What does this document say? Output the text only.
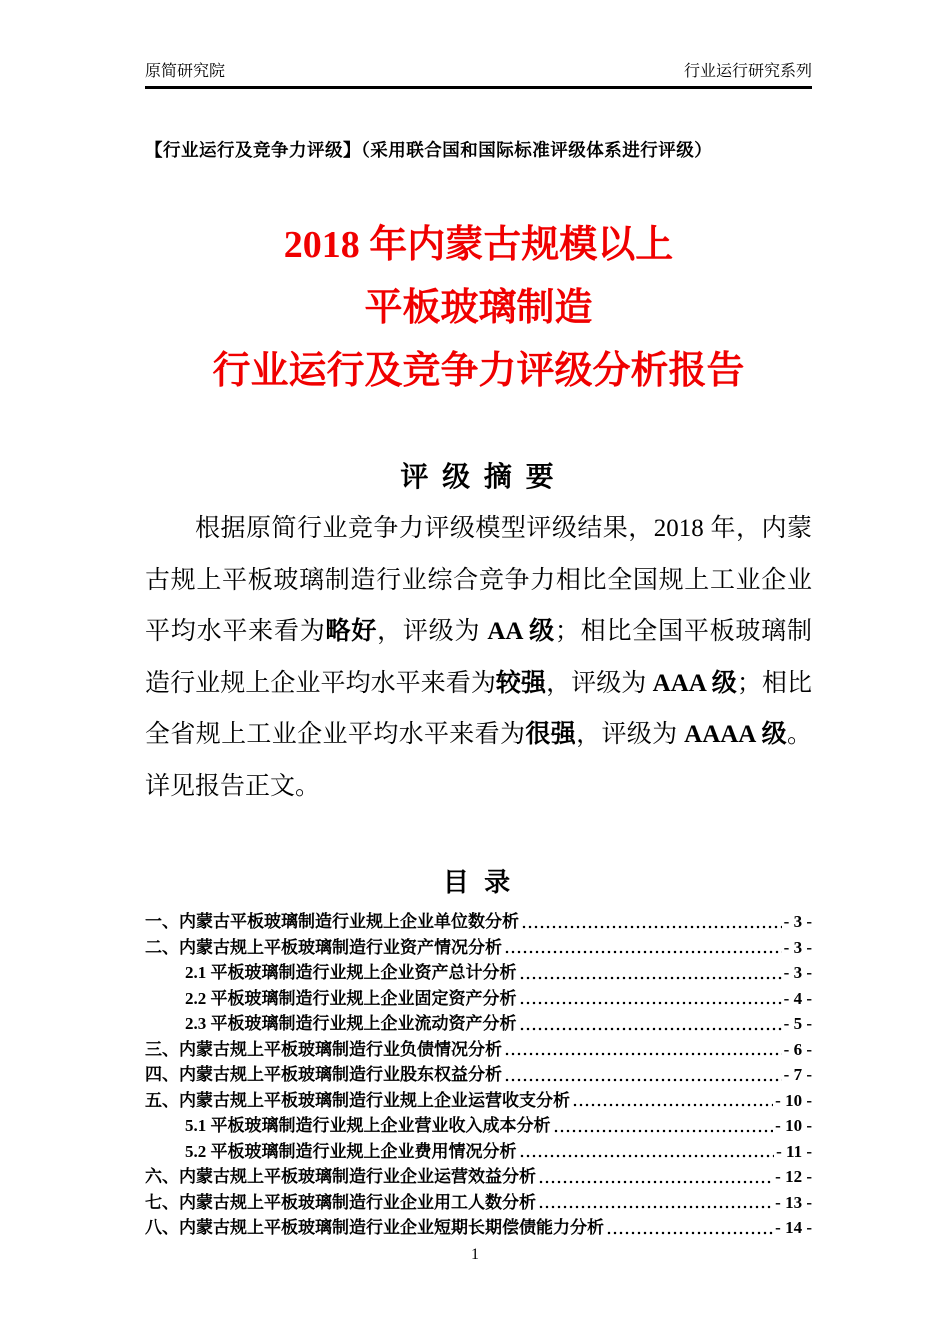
原简研究院	行业运行研究系列
【行业运行及竞争力评级】（采用联合国和国际标准评级体系进行评级）
2018 年内蒙古规模以上
平板玻璃制造
行业运行及竞争力评级分析报告
评 级 摘 要
根据原简行业竞争力评级模型评级结果，2018 年，内蒙古规上平板玻璃制造行业综合竞争力相比全国规上工业企业平均水平来看为略好，评级为 AA 级；相比全国平板玻璃制造行业规上企业平均水平来看为较强，评级为 AAA 级；相比全省规上工业企业平均水平来看为很强，评级为 AAAA 级。详见报告正文。
目 录
一、内蒙古平板玻璃制造行业规上企业单位数分析	- 3 -
二、内蒙古规上平板玻璃制造行业资产情况分析	- 3 -
2.1 平板玻璃制造行业规上企业资产总计分析	- 3 -
2.2 平板玻璃制造行业规上企业固定资产分析	- 4 -
2.3 平板玻璃制造行业规上企业流动资产分析	- 5 -
三、内蒙古规上平板玻璃制造行业负债情况分析	- 6 -
四、内蒙古规上平板玻璃制造行业股东权益分析	- 7 -
五、内蒙古规上平板玻璃制造行业规上企业运营收支分析	- 10 -
5.1 平板玻璃制造行业规上企业营业收入成本分析	- 10 -
5.2 平板玻璃制造行业规上企业费用情况分析	- 11 -
六、内蒙古规上平板玻璃制造行业企业运营效益分析	- 12 -
七、内蒙古规上平板玻璃制造行业企业用工人数分析	- 13 -
八、内蒙古规上平板玻璃制造行业企业短期长期偿债能力分析	- 14 -
1
